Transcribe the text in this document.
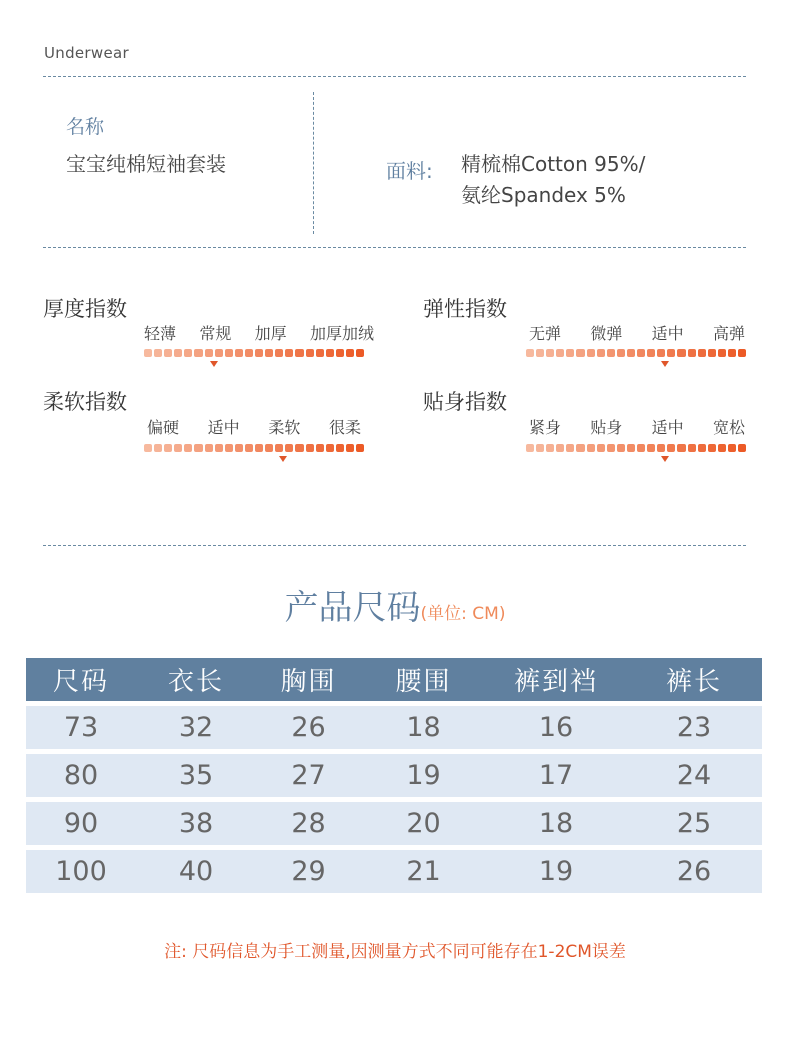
Underwear
名称
宝宝纯棉短袖套装	面料: 精梳棉Cotton 95%/
氨纶Spandex 5%
厚度指数
轻薄 常规 加厚 加厚加绒
弹性指数
无弹 微弹 适中 高弹
柔软指数
偏硬 适中 柔软 很柔
贴身指数
紧身 贴身 适中 宽松
产品尺码(单位: CM)
尺码	衣长	胸围	腰围	裤到裆	裤长
73	32	26	18	16	23
80	35	27	19	17	24
90	38	28	20	18	25
100	40	29	21	19	26
注: 尺码信息为手工测量,因测量方式不同可能存在1-2CM误差
